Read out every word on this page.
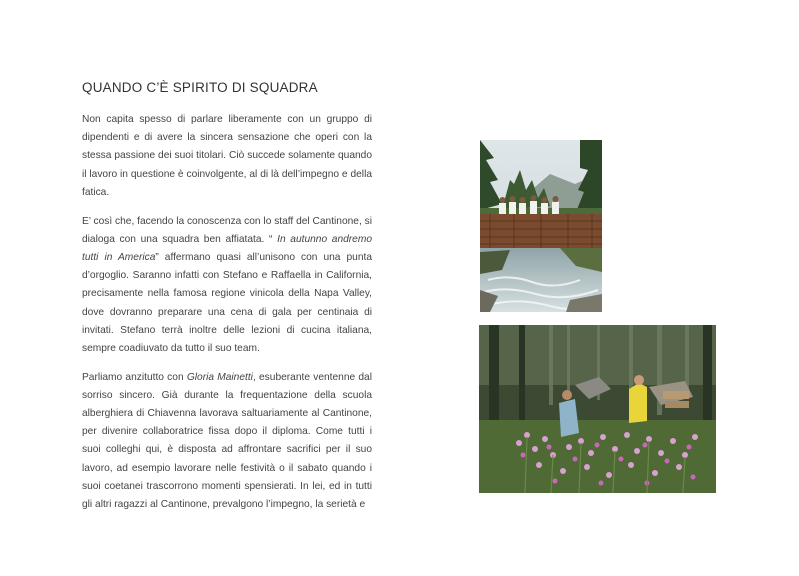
QUANDO C’È SPIRITO DI SQUADRA

Non capita spesso di parlare liberamente con un gruppo di dipendenti e di avere la sincera sensazione che operi con la stessa passione dei suoi titolari. Ciò succede solamente quando il lavoro in questione è coinvolgente, al di là dell’impegno e della fatica.

E’ così che, facendo la conoscenza con lo staff del Cantinone, si dialoga con una squadra ben affiatata. “ In autunno andremo tutti in America” affermano quasi all’unisono con una punta d’orgoglio. Saranno infatti con Stefano e Raffaella in California, precisamente nella famosa regione vinicola della Napa Valley, dove dovranno preparare una cena di gala per centinaia di invitati. Stefano terrà inoltre delle lezioni di cucina italiana, sempre coadiuvato da tutto il suo team.

Parliamo anzitutto con Gloria Mainetti, esuberante ventenne dal sorriso sincero. Già durante la frequentazione della scuola alberghiera di Chiavenna lavorava saltuariamente al Cantinone, per divenire collaboratrice fissa dopo il diploma. Come tutti i suoi colleghi qui, è disposta ad affrontare sacrifici per il suo lavoro, ad esempio lavorare nelle festività o il sabato quando i suoi coetanei trascorrono momenti spensierati. In lei, ed in tutti gli altri ragazzi al Cantinone, prevalgono l’impegno, la serietà e
